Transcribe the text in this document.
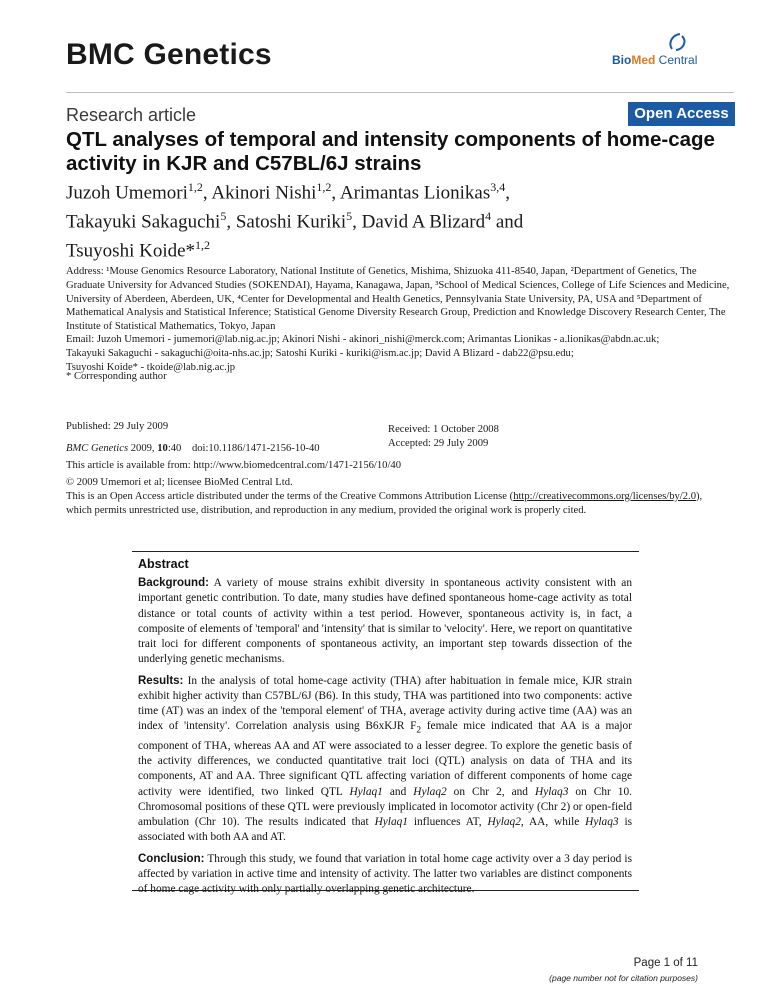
BMC Genetics	BioMed Central
Research article	Open Access
QTL analyses of temporal and intensity components of home-cage activity in KJR and C57BL/6J strains
Juzoh Umemori$^{1,2}$, Akinori Nishi$^{1,2}$, Arimantas Lionikas$^{3,4}$,
Takayuki Sakaguchi$^5$, Satoshi Kuriki$^5$, David A Blizard$^4$ and
Tsuyoshi Koide*$^{1,2}$
Address: ¹Mouse Genomics Resource Laboratory, National Institute of Genetics, Mishima, Shizuoka 411-8540, Japan, ²Department of Genetics, The Graduate University for Advanced Studies (SOKENDAI), Hayama, Kanagawa, Japan, ³School of Medical Sciences, College of Life Sciences and Medicine, University of Aberdeen, Aberdeen, UK, ⁴Center for Developmental and Health Genetics, Pennsylvania State University, PA, USA and ⁵Department of Mathematical Analysis and Statistical Inference; Statistical Genome Diversity Research Group, Prediction and Knowledge Discovery Research Center, The Institute of Statistical Mathematics, Tokyo, Japan
Email: Juzoh Umemori - jumemori@lab.nig.ac.jp; Akinori Nishi - akinori_nishi@merck.com; Arimantas Lionikas - a.lionikas@abdn.ac.uk;
Takayuki Sakaguchi - sakaguchi@oita-nhs.ac.jp; Satoshi Kuriki - kuriki@ism.ac.jp; David A Blizard - dab22@psu.edu;
Tsuyoshi Koide* - tkoide@lab.nig.ac.jp
* Corresponding author
Published: 29 July 2009
BMC Genetics 2009, 10:40    doi:10.1186/1471-2156-10-40
Received: 1 October 2008
Accepted: 29 July 2009
This article is available from: http://www.biomedcentral.com/1471-2156/10/40
© 2009 Umemori et al; licensee BioMed Central Ltd.
This is an Open Access article distributed under the terms of the Creative Commons Attribution License (http://creativecommons.org/licenses/by/2.0),
which permits unrestricted use, distribution, and reproduction in any medium, provided the original work is properly cited.
Abstract

Background: A variety of mouse strains exhibit diversity in spontaneous activity consistent with an important genetic contribution. To date, many studies have defined spontaneous home-cage activity as total distance or total counts of activity within a test period. However, spontaneous activity is, in fact, a composite of elements of 'temporal' and 'intensity' that is similar to 'velocity'. Here, we report on quantitative trait loci for different components of spontaneous activity, an important step towards dissection of the underlying genetic mechanisms.

Results: In the analysis of total home-cage activity (THA) after habituation in female mice, KJR strain exhibit higher activity than C57BL/6J (B6). In this study, THA was partitioned into two components: active time (AT) was an index of the 'temporal element' of THA, average activity during active time (AA) was an index of 'intensity'. Correlation analysis using B6xKJR $F_2$ female mice indicated that AA is a major component of THA, whereas AA and AT were associated to a lesser degree. To explore the genetic basis of the activity differences, we conducted quantitative trait loci (QTL) analysis on data of THA and its components, AT and AA. Three significant QTL affecting variation of different components of home cage activity were identified, two linked QTL Hylaq1 and Hylaq2 on Chr 2, and Hylaq3 on Chr 10. Chromosomal positions of these QTL were previously implicated in locomotor activity (Chr 2) or open-field ambulation (Chr 10). The results indicated that Hylaq1 influences AT, Hylaq2, AA, while Hylaq3 is associated with both AA and AT.

Conclusion: Through this study, we found that variation in total home cage activity over a 3 day period is affected by variation in active time and intensity of activity. The latter two variables are distinct components

Page 1 of 11
(page number not for citation purposes)
